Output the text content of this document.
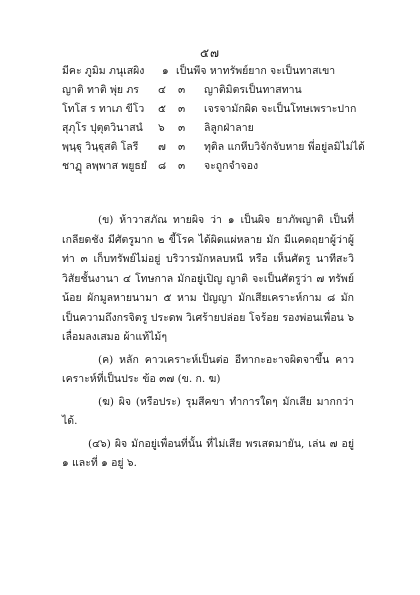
๕๗
มีคะ ภูมิม ภนุเสผิง ๑ เป็นพีจ หาทรัพย์ยาก จะเป็นทาสเขา
ญาติ ทาติ พุ่ย ภร ๔ ๓ ญาติมิตรเป็นทาสทาน
โทโส ร ทาเภ ขีโว ๕ ๓ เจรจามักผิด จะเป็นโทษเพราะปาก
สุภุโร ปุตุตวินาสนํ ๖ ๓ ลิลูกฝ่าลาย
พฺนฺฐุ วินฺฐุสติ โลรี ๗ ๓ ทุติล แกหีบวิจักจับหาย พี่อยู่ลมิไม่ได้
ชาฏุ ลพฺพาส พยูธยํ ๘ ๓ จะถูกจำจอง

(ข) ห้าวาสภัณ ทายผิจ ว่า ๑ เป็นผิจ ยาภัพญาติ เป็นที่เกลียดชัง มีศัตรูมาก ๒ ขี้โรค ได้ผิดแผ่หลาย มัก มีแคดฤยาผู้ว่าผู้ท่า ๓ เก็บทรัพย์ไม่อยู่ บริวารมักหลบหนี หรือ เห็นศัตรู นาทีสะวิวิสัยชั้นงานา ๔ โทษกาล มักอยู่เปิญ ญาติ จะเป็นศัตรูว่า ๗ ทรัพย์น้อย ผักมูลหายนามา ๕ หาม ปัญญา มักเสียเคราะห์กาม ๘ มักเป็นความถึงกรจิตรู ประดพ วิเศร้ายปล่อย โจร้อย รองพ่อนเพื่อน ๖ เลื่อมลงเสมอ ผ้าแท้ไม้ๆ

(ค) หลัก คาวเคราะห์เป็นต่อ อีทากะอะาจผิดจาขึ้น คาวเคราะห์ที่เป็นประ ข้อ ๓๗ (ข. ก. ฆ)

(ฆ) ผิจ (หรือประ) รุมสีคขา ทำการใดๆ มักเสีย มากกว่าได้.

(๔๖) ผิจ มักอยู่เพื่อนที่นั้น ที่ไม่เสีย พรเสดมายัน, เล่น ๗ อยู่ ๑ และที่ ๑ อยู่ ๖.
